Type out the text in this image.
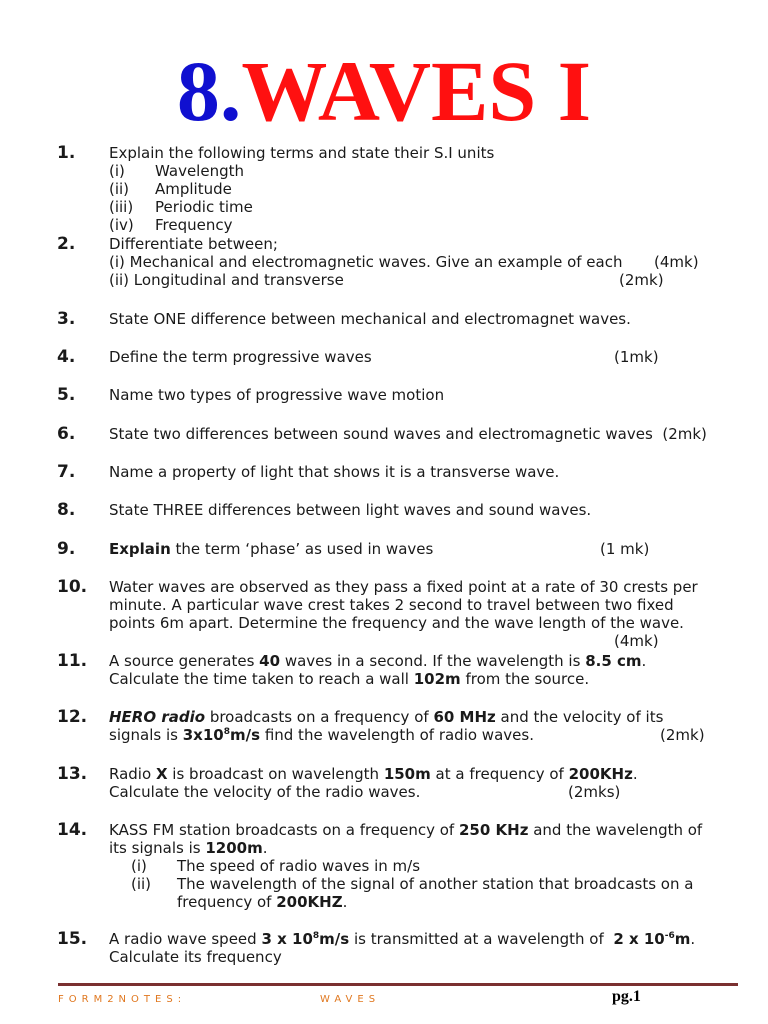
8.WAVES I
1.	Explain the following terms and state their S.I units
(i) Wavelength
(ii) Amplitude
(iii) Periodic time
(iv) Frequency
2.	Differentiate between;
(i) Mechanical and electromagnetic waves. Give an example of each (4mk)
(ii) Longitudinal and transverse	(2mk)
3.	State ONE difference between mechanical and electromagnet waves.
4.	Define the term progressive waves	(1mk)
5.	Name two types of progressive wave motion
6.	State two differences between sound waves and electromagnetic waves (2mk)
7.	Name a property of light that shows it is a transverse wave.
8.	State THREE differences between light waves and sound waves.
9.	Explain the term ‘phase’ as used in waves	(1 mk)
10.	Water waves are observed as they pass a fixed point at a rate of 30 crests per
minute. A particular wave crest takes 2 second to travel between two fixed
points 6m apart. Determine the frequency and the wave length of the wave.
(4mk)
11.	A source generates 40 waves in a second. If the wavelength is 8.5 cm.
Calculate the time taken to reach a wall 102m from the source.
12.	HERO radio broadcasts on a frequency of 60 MHz and the velocity of its
signals is $3x10^8m/s$ find the wavelength of radio waves.	(2mk)
13.	Radio X is broadcast on wavelength 150m at a frequency of 200KHz.
Calculate the velocity of the radio waves.	(2mks)
14.	KASS FM station broadcasts on a frequency of 250 KHz and the wavelength of
its signals is 1200m.
(i) The speed of radio waves in m/s
(ii) The wavelength of the signal of another station that broadcasts on a
frequency of 200KHZ.
15.	A radio wave speed 3 x $10^8m/s$ is transmitted at a wavelength of 2 x $10^{-6}m$.
Calculate its frequency
FORM2NOTES:	WAVES	pg.1
